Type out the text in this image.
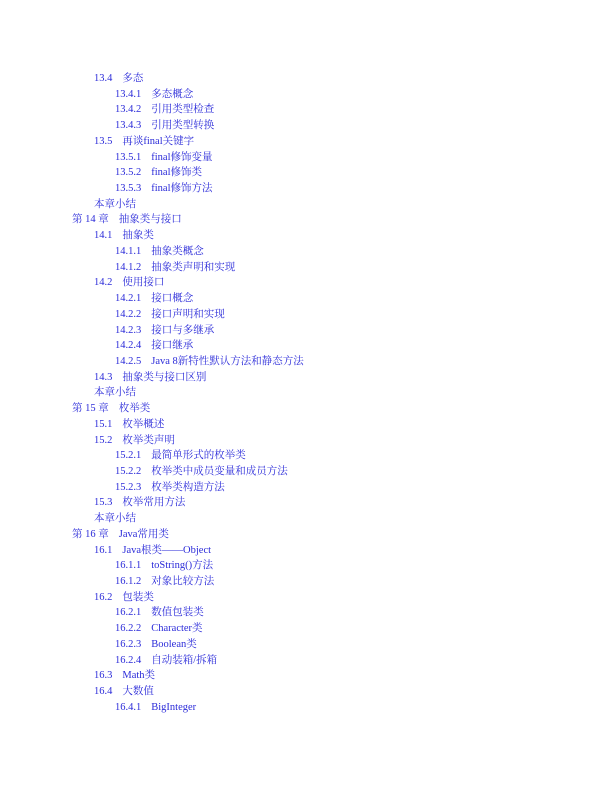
13.4 多态
13.4.1 多态概念
13.4.2 引用类型检查
13.4.3 引用类型转换
13.5 再谈final关键字
13.5.1 final修饰变量
13.5.2 final修饰类
13.5.3 final修饰方法
本章小结
第 14 章 抽象类与接口
14.1 抽象类
14.1.1 抽象类概念
14.1.2 抽象类声明和实现
14.2 使用接口
14.2.1 接口概念
14.2.2 接口声明和实现
14.2.3 接口与多继承
14.2.4 接口继承
14.2.5 Java 8新特性默认方法和静态方法
14.3 抽象类与接口区别
本章小结
第 15 章 枚举类
15.1 枚举概述
15.2 枚举类声明
15.2.1 最简单形式的枚举类
15.2.2 枚举类中成员变量和成员方法
15.2.3 枚举类构造方法
15.3 枚举常用方法
本章小结
第 16 章 Java常用类
16.1 Java根类——Object
16.1.1 toString()方法
16.1.2 对象比较方法
16.2 包装类
16.2.1 数值包装类
16.2.2 Character类
16.2.3 Boolean类
16.2.4 自动装箱/拆箱
16.3 Math类
16.4 大数值
16.4.1 BigInteger
